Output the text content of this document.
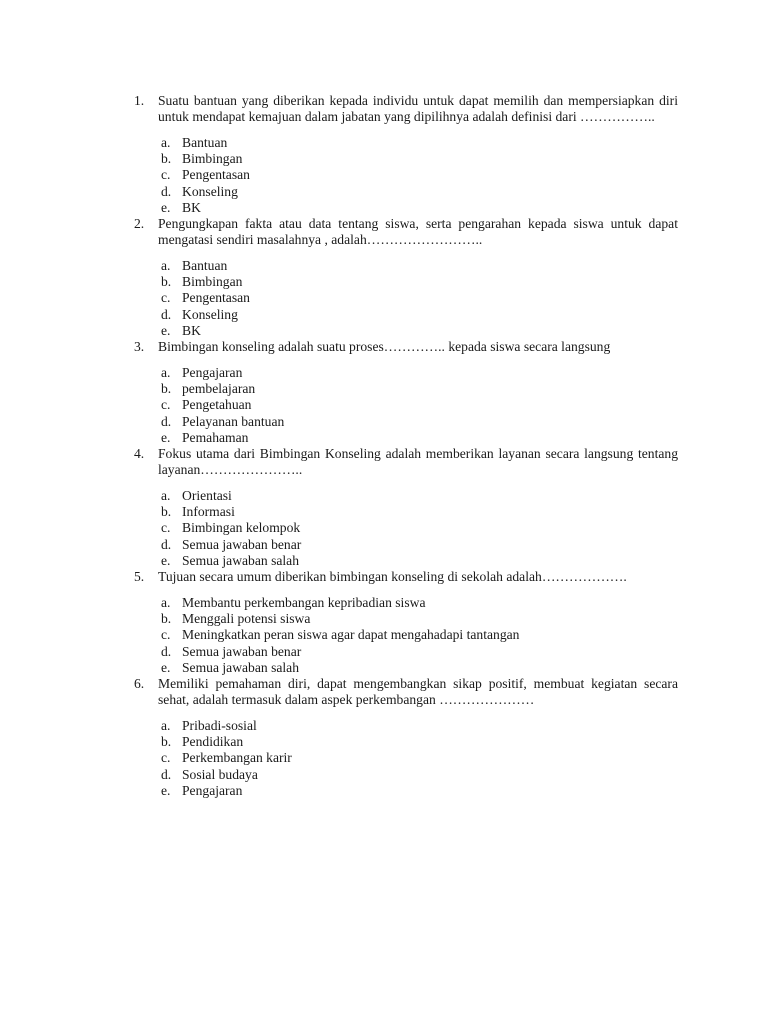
1. Suatu bantuan yang diberikan kepada individu untuk dapat memilih dan mempersiapkan diri untuk mendapat kemajuan dalam jabatan yang dipilihnya adalah definisi dari ……………..

a. Bantuan
b. Bimbingan
c. Pengentasan
d. Konseling
e. BK
2. Pengungkapan fakta atau data tentang siswa, serta pengarahan kepada siswa untuk dapat mengatasi sendiri masalahnya , adalah……………………..

a. Bantuan
b. Bimbingan
c. Pengentasan
d. Konseling
e. BK
3. Bimbingan konseling adalah suatu proses………….. kepada siswa secara langsung

a. Pengajaran
b. pembelajaran
c. Pengetahuan
d. Pelayanan bantuan
e. Pemahaman
4. Fokus utama dari Bimbingan Konseling adalah memberikan layanan secara langsung tentang layanan…………………..

a. Orientasi
b. Informasi
c. Bimbingan kelompok
d. Semua jawaban benar
e. Semua jawaban salah
5. Tujuan secara umum diberikan bimbingan konseling di sekolah adalah……………….

a. Membantu perkembangan kepribadian siswa
b. Menggali potensi siswa
c. Meningkatkan peran siswa agar dapat mengahadapi tantangan
d. Semua jawaban benar
e. Semua jawaban salah
6. Memiliki pemahaman diri, dapat mengembangkan sikap positif, membuat kegiatan secara sehat, adalah termasuk dalam aspek perkembangan …………………

a. Pribadi-sosial
b. Pendidikan
c. Perkembangan karir
d. Sosial budaya
e. Pengajaran
